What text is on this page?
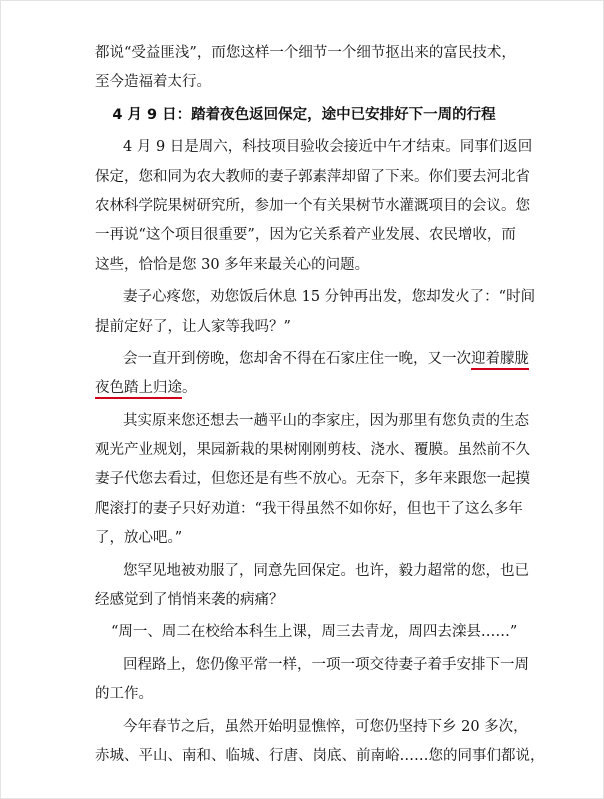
都说“受益匪浅”，而您这样一个细节一个细节抠出来的富民技术，
至今造福着太行。
4 月 9 日：踏着夜色返回保定，途中已安排好下一周的行程
4 月 9 日是周六，科技项目验收会接近中午才结束。同事们返回
保定，您和同为农大教师的妻子郭素萍却留了下来。你们要去河北省
农林科学院果树研究所，参加一个有关果树节水灌溉项目的会议。您
一再说“这个项目很重要”，因为它关系着产业发展、农民增收，而
这些，恰恰是您 30 多年来最关心的问题。
妻子心疼您，劝您饭后休息 15 分钟再出发，您却发火了：“时间
提前定好了，让人家等我吗？”
会一直开到傍晚，您却舍不得在石家庄住一晚，又一次迎着朦胧
夜色踏上归途。
其实原来您还想去一趟平山的李家庄，因为那里有您负责的生态
观光产业规划，果园新栽的果树刚刚剪枝、浇水、覆膜。虽然前不久
妻子代您去看过，但您还是有些不放心。无奈下，多年来跟您一起摸
爬滚打的妻子只好劝道：“我干得虽然不如你好，但也干了这么多年
了，放心吧。”
您罕见地被劝服了，同意先回保定。也许，毅力超常的您，也已
经感觉到了悄悄来袭的病痛？
“周一、周二在校给本科生上课，周三去青龙，周四去滦县……”
回程路上，您仍像平常一样，一项一项交待妻子着手安排下一周
的工作。
今年春节之后，虽然开始明显憔悴，可您仍坚持下乡 20 多次，
赤城、平山、南和、临城、行唐、岗底、前南峪……您的同事们都说，
